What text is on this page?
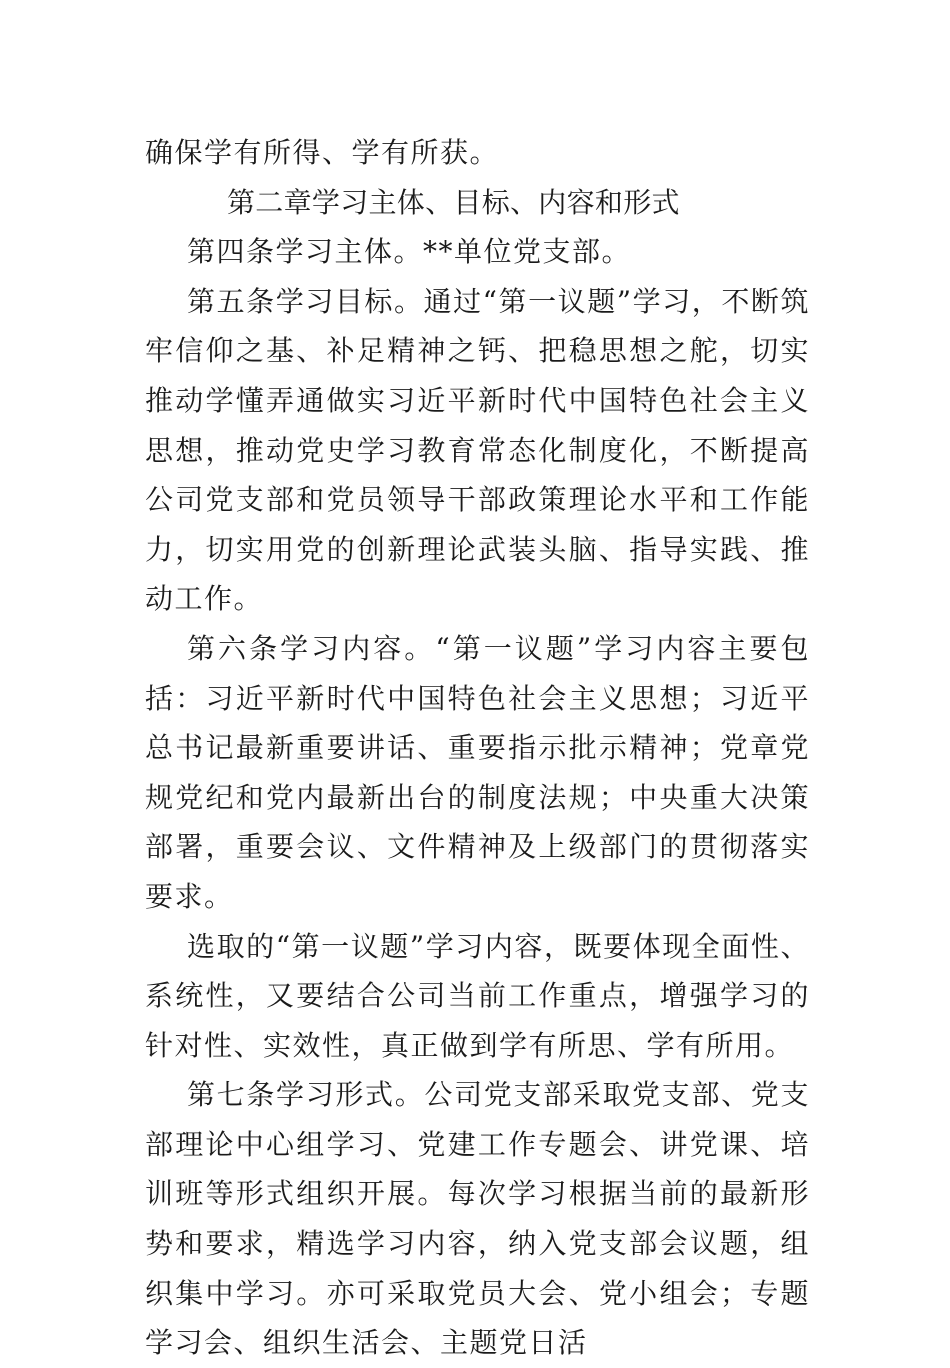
确保学有所得、学有所获。

第二章学习主体、目标、内容和形式

第四条学习主体。**单位党支部。

第五条学习目标。通过“第一议题”学习，不断筑牢信仰之基、补足精神之钙、把稳思想之舵，切实推动学懂弄通做实习近平新时代中国特色社会主义思想，推动党史学习教育常态化制度化，不断提高公司党支部和党员领导干部政策理论水平和工作能力，切实用党的创新理论武装头脑、指导实践、推动工作。

第六条学习内容。“第一议题”学习内容主要包括：习近平新时代中国特色社会主义思想；习近平总书记最新重要讲话、重要指示批示精神；党章党规党纪和党内最新出台的制度法规；中央重大决策部署，重要会议、文件精神及上级部门的贯彻落实要求。

选取的“第一议题”学习内容，既要体现全面性、系统性，又要结合公司当前工作重点，增强学习的针对性、实效性，真正做到学有所思、学有所用。

第七条学习形式。公司党支部采取党支部、党支部理论中心组学习、党建工作专题会、讲党课、培训班等形式组织开展。每次学习根据当前的最新形势和要求，精选学习内容，纳入党支部会议题，组织集中学习。亦可采取党员大会、党小组会；专题学习会、组织生活会、主题党日活
